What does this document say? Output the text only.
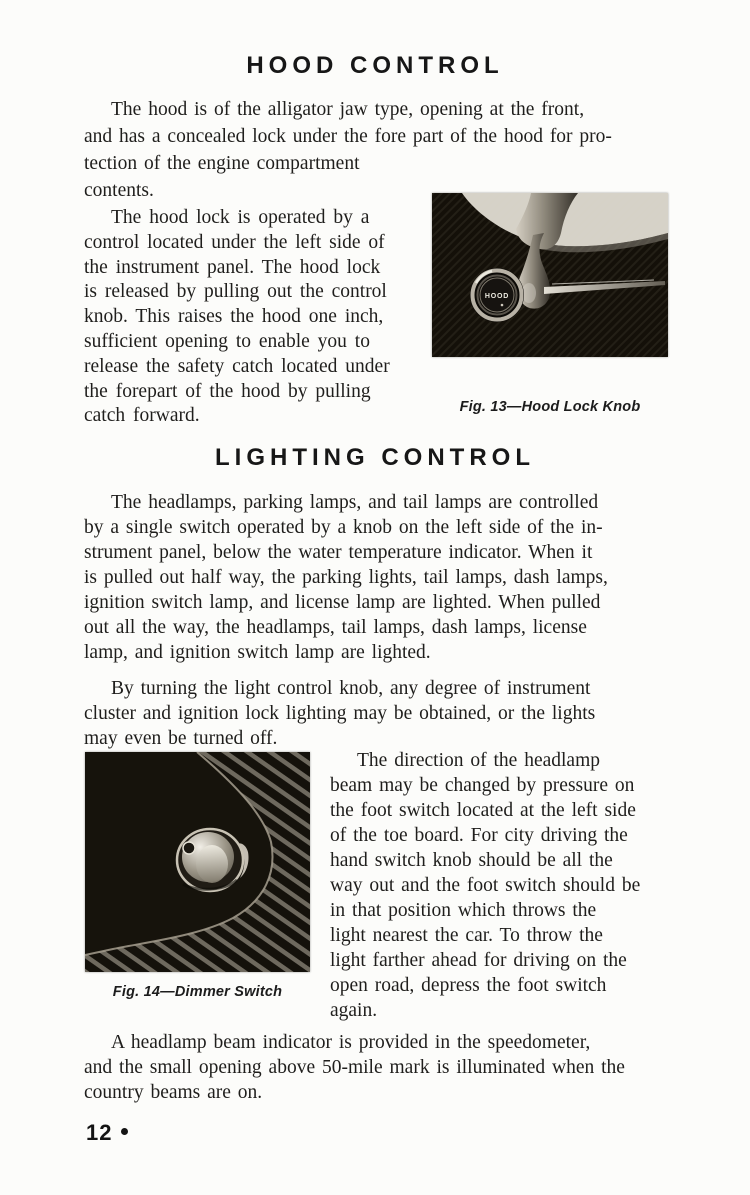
HOOD CONTROL
The hood is of the alligator jaw type, opening at the front,
and has a concealed lock under the fore part of the hood for pro-
tection of the engine compartment
contents.
The hood lock is operated by a
control located under the left side of
the instrument panel. The hood lock
is released by pulling out the control
knob. This raises the hood one inch,
sufficient opening to enable you to
release the safety catch located under
the forepart of the hood by pulling
catch forward.
HOOD
Fig. 13—Hood Lock Knob
LIGHTING CONTROL
The headlamps, parking lamps, and tail lamps are controlled
by a single switch operated by a knob on the left side of the in-
strument panel, below the water temperature indicator. When it
is pulled out half way, the parking lights, tail lamps, dash lamps,
ignition switch lamp, and license lamp are lighted. When pulled
out all the way, the headlamps, tail lamps, dash lamps, license
lamp, and ignition switch lamp are lighted.
By turning the light control knob, any degree of instrument
cluster and ignition lock lighting may be obtained, or the lights
may even be turned off.
Fig. 14—Dimmer Switch
The direction of the headlamp
beam may be changed by pressure on
the foot switch located at the left side
of the toe board. For city driving the
hand switch knob should be all the
way out and the foot switch should be
in that position which throws the
light nearest the car. To throw the
light farther ahead for driving on the
open road, depress the foot switch
again.
A headlamp beam indicator is provided in the speedometer,
and the small opening above 50-mile mark is illuminated when the
country beams are on.
12
